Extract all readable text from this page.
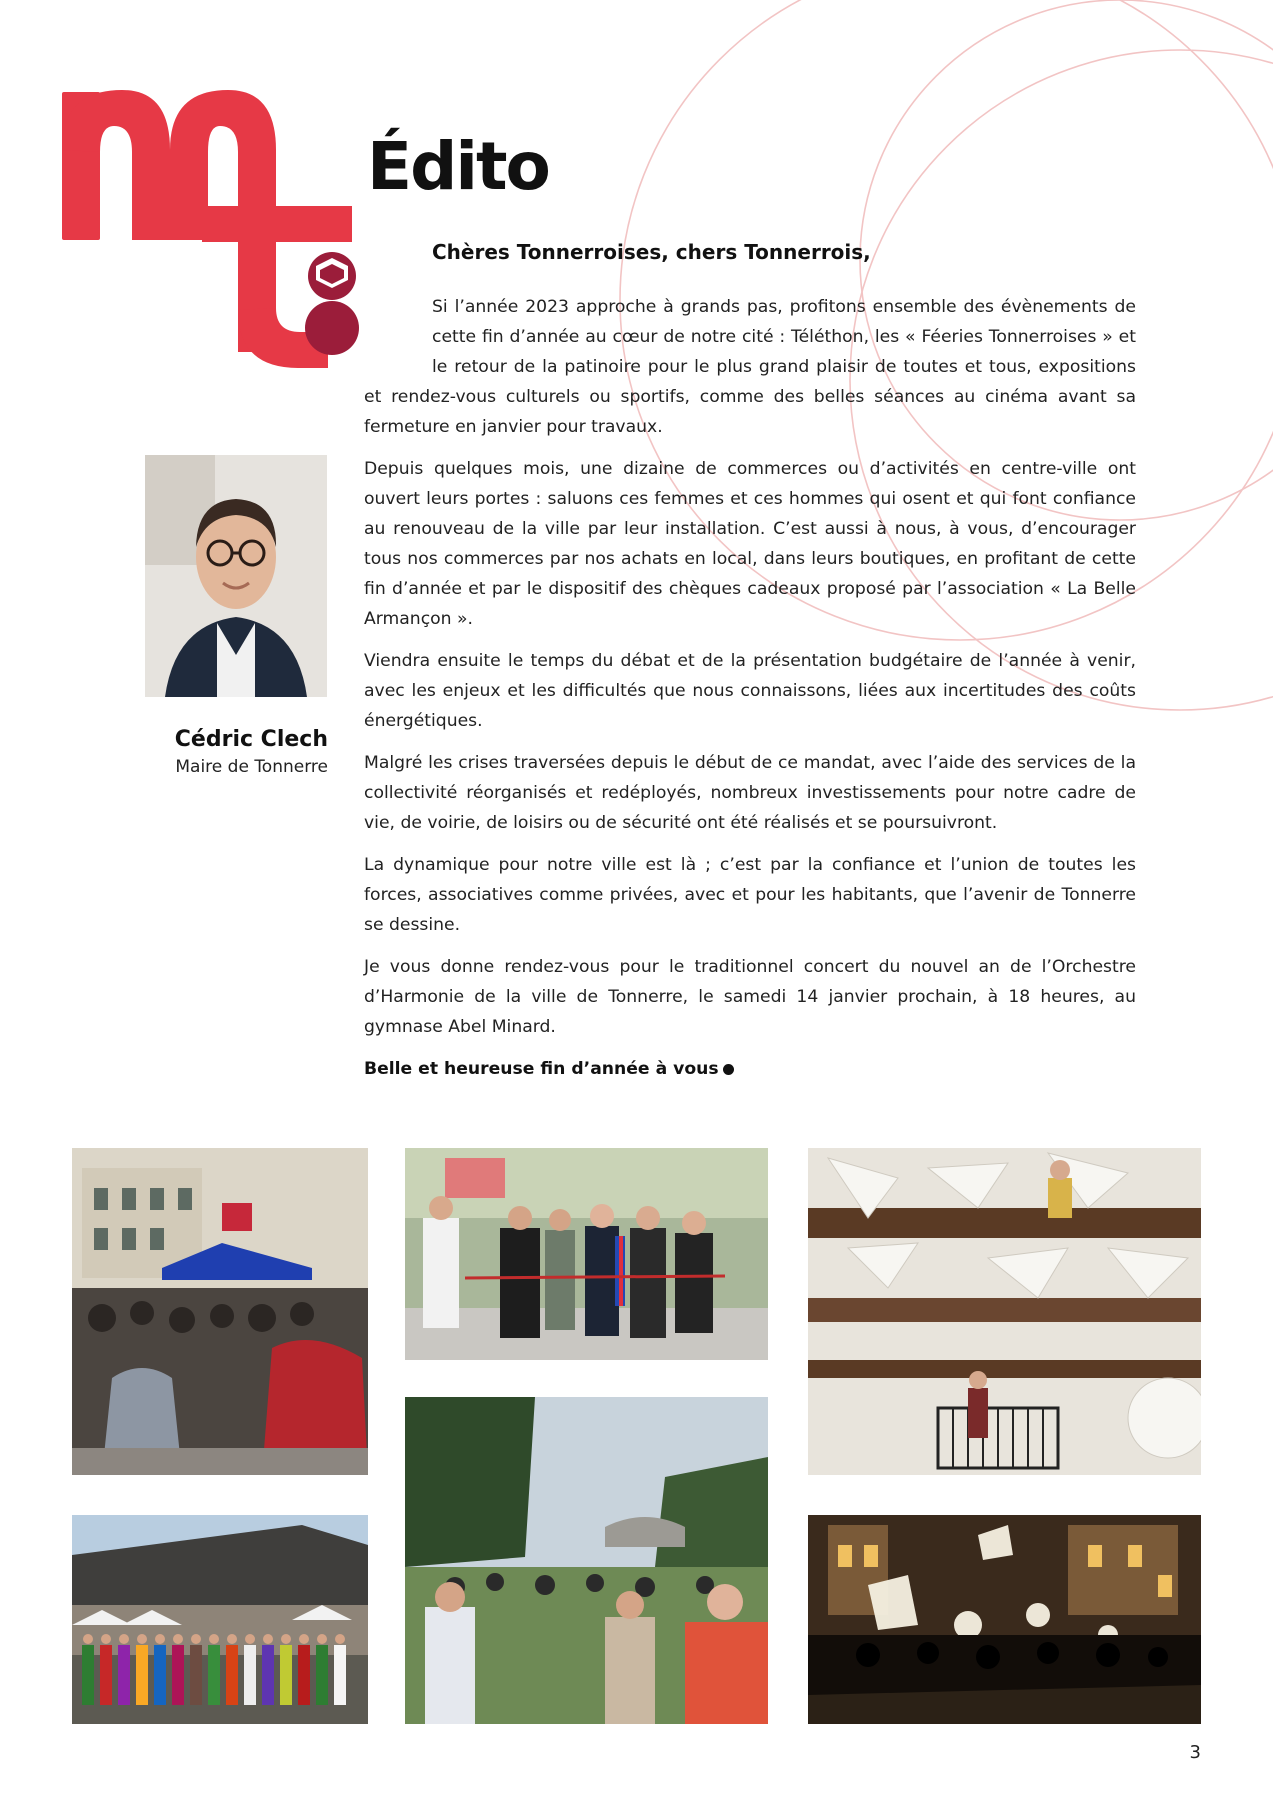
Édito
Chères Tonnerroises, chers Tonnerrois,

Si l’année 2023 approche à grands pas, profitons ensemble des évènements de cette fin d’année au cœur de notre cité : Téléthon, les « Féeries Tonnerroises » et le retour de la patinoire pour le plus grand plaisir de toutes et tous, expositions et rendez-vous culturels ou sportifs, comme des belles séances au cinéma avant sa fermeture en janvier pour travaux.

Depuis quelques mois, une dizaine de commerces ou d’activités en centre-ville ont ouvert leurs portes : saluons ces femmes et ces hommes qui osent et qui font confiance au renouveau de la ville par leur installation. C’est aussi à nous, à vous, d’encourager tous nos commerces par nos achats en local, dans leurs boutiques, en profitant de cette fin d’année et par le dispositif des chèques cadeaux proposé par l’association « La Belle Armançon ».

Viendra ensuite le temps du débat et de la présentation budgétaire de l’année à venir, avec les enjeux et les difficultés que nous connaissons, liées aux incertitudes des coûts énergétiques.

Malgré les crises traversées depuis le début de ce mandat, avec l’aide des services de la collectivité réorganisés et redéployés, nombreux investissements pour notre cadre de vie, de voirie, de loisirs ou de sécurité ont été réalisés et se poursuivront.

La dynamique pour notre ville est là ; c’est par la confiance et l’union de toutes les forces, associatives comme privées, avec et pour les habitants, que l’avenir de Tonnerre se dessine.

Je vous donne rendez-vous pour le traditionnel concert du nouvel an de l’Orchestre d’Harmonie de la ville de Tonnerre, le samedi 14 janvier prochain, à 18 heures, au gymnase Abel Minard.

Belle et heureuse fin d’année à vous

Cédric Clech
Maire de Tonnerre
3
